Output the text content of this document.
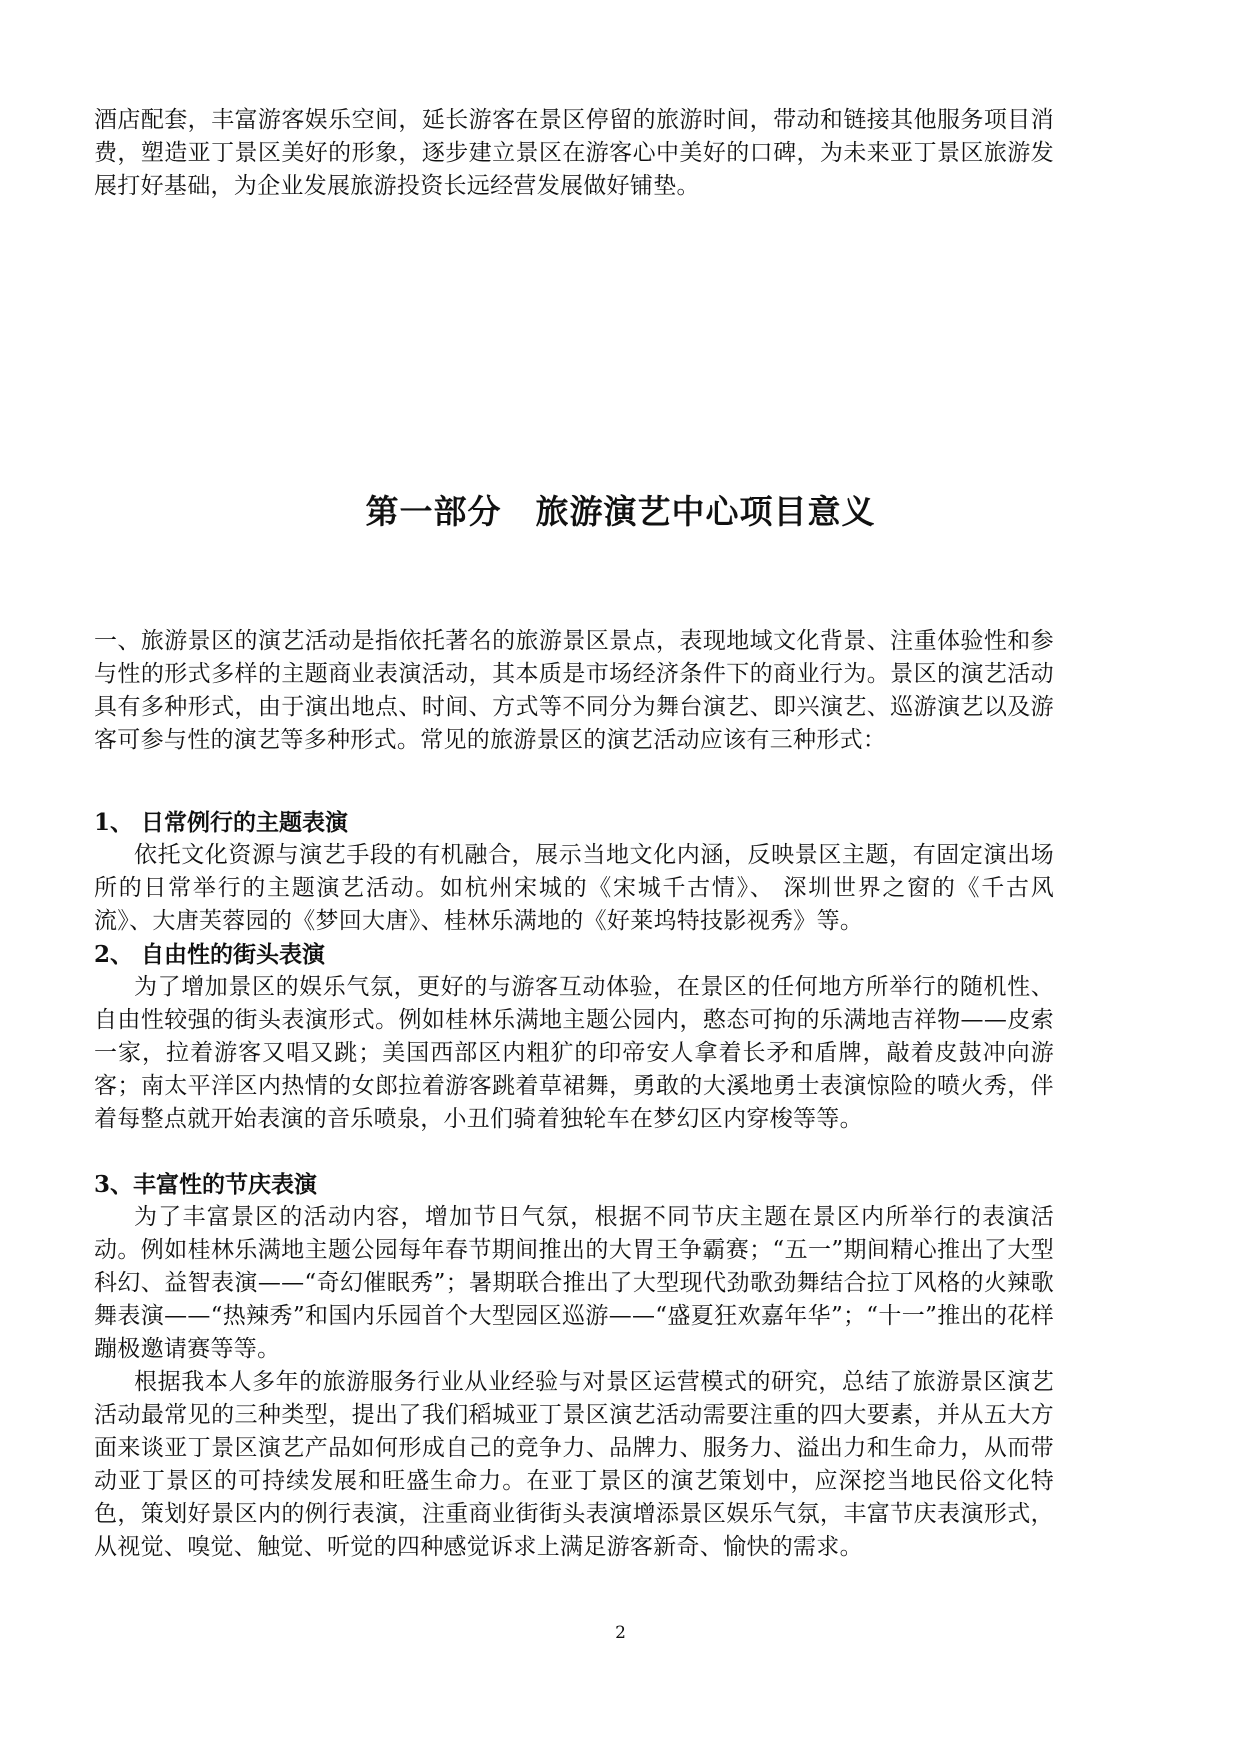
酒店配套，丰富游客娱乐空间，延长游客在景区停留的旅游时间，带动和链接其他服务项目消费，塑造亚丁景区美好的形象，逐步建立景区在游客心中美好的口碑，为未来亚丁景区旅游发展打好基础，为企业发展旅游投资长远经营发展做好铺垫。

第一部分　旅游演艺中心项目意义

一、旅游景区的演艺活动是指依托著名的旅游景区景点，表现地域文化背景、注重体验性和参与性的形式多样的主题商业表演活动，其本质是市场经济条件下的商业行为。景区的演艺活动具有多种形式，由于演出地点、时间、方式等不同分为舞台演艺、即兴演艺、巡游演艺以及游客可参与性的演艺等多种形式。常见的旅游景区的演艺活动应该有三种形式：

1、 日常例行的主题表演

依托文化资源与演艺手段的有机融合，展示当地文化内涵，反映景区主题，有固定演出场所的日常举行的主题演艺活动。如杭州宋城的《宋城千古情》、 深圳世界之窗的《千古风流》、大唐芙蓉园的《梦回大唐》、桂林乐满地的《好莱坞特技影视秀》等。

2、 自由性的街头表演

为了增加景区的娱乐气氛，更好的与游客互动体验，在景区的任何地方所举行的随机性、自由性较强的街头表演形式。例如桂林乐满地主题公园内，憨态可拘的乐满地吉祥物——皮索一家，拉着游客又唱又跳；美国西部区内粗犷的印帝安人拿着长矛和盾牌，敲着皮鼓冲向游客；南太平洋区内热情的女郎拉着游客跳着草裙舞，勇敢的大溪地勇士表演惊险的喷火秀，伴着每整点就开始表演的音乐喷泉，小丑们骑着独轮车在梦幻区内穿梭等等。

3、丰富性的节庆表演

为了丰富景区的活动内容，增加节日气氛，根据不同节庆主题在景区内所举行的表演活动。例如桂林乐满地主题公园每年春节期间推出的大胃王争霸赛；“五一”期间精心推出了大型科幻、益智表演——“奇幻催眠秀”；暑期联合推出了大型现代劲歌劲舞结合拉丁风格的火辣歌舞表演——“热辣秀”和国内乐园首个大型园区巡游——“盛夏狂欢嘉年华”；“十一”推出的花样蹦极邀请赛等等。

根据我本人多年的旅游服务行业从业经验与对景区运营模式的研究，总结了旅游景区演艺活动最常见的三种类型，提出了我们稻城亚丁景区演艺活动需要注重的四大要素，并从五大方面来谈亚丁景区演艺产品如何形成自己的竞争力、品牌力、服务力、溢出力和生命力，从而带动亚丁景区的可持续发展和旺盛生命力。在亚丁景区的演艺策划中，应深挖当地民俗文化特色，策划好景区内的例行表演，注重商业街街头表演增添景区娱乐气氛，丰富节庆表演形式，从视觉、嗅觉、触觉、听觉的四种感觉诉求上满足游客新奇、愉快的需求。

2
